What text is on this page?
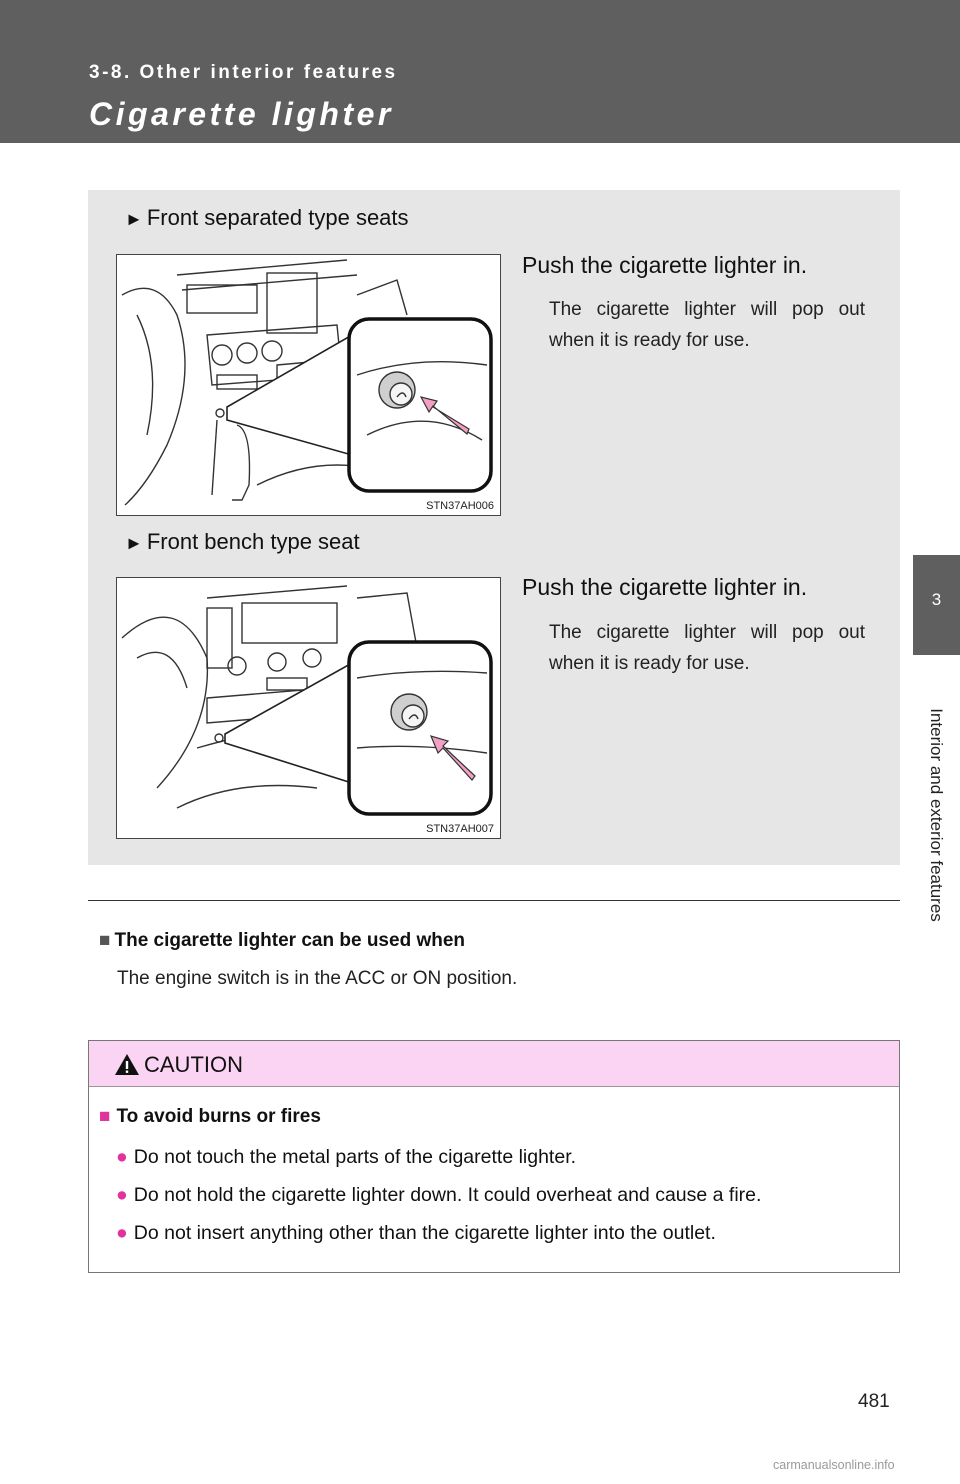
3-8. Other interior features
Cigarette lighter
3
Interior and exterior features
► Front separated type seats
STN37AH006
Push the cigarette lighter in.
The cigarette lighter will pop out when it is ready for use.
► Front bench type seat
STN37AH007
Push the cigarette lighter in.
The cigarette lighter will pop out when it is ready for use.
■ The cigarette lighter can be used when
The engine switch is in the ACC or ON position.
CAUTION
■ To avoid burns or fires
● Do not touch the metal parts of the cigarette lighter.
● Do not hold the cigarette lighter down. It could overheat and cause a fire.
● Do not insert anything other than the cigarette lighter into the outlet.
481
carmanualsonline.info
